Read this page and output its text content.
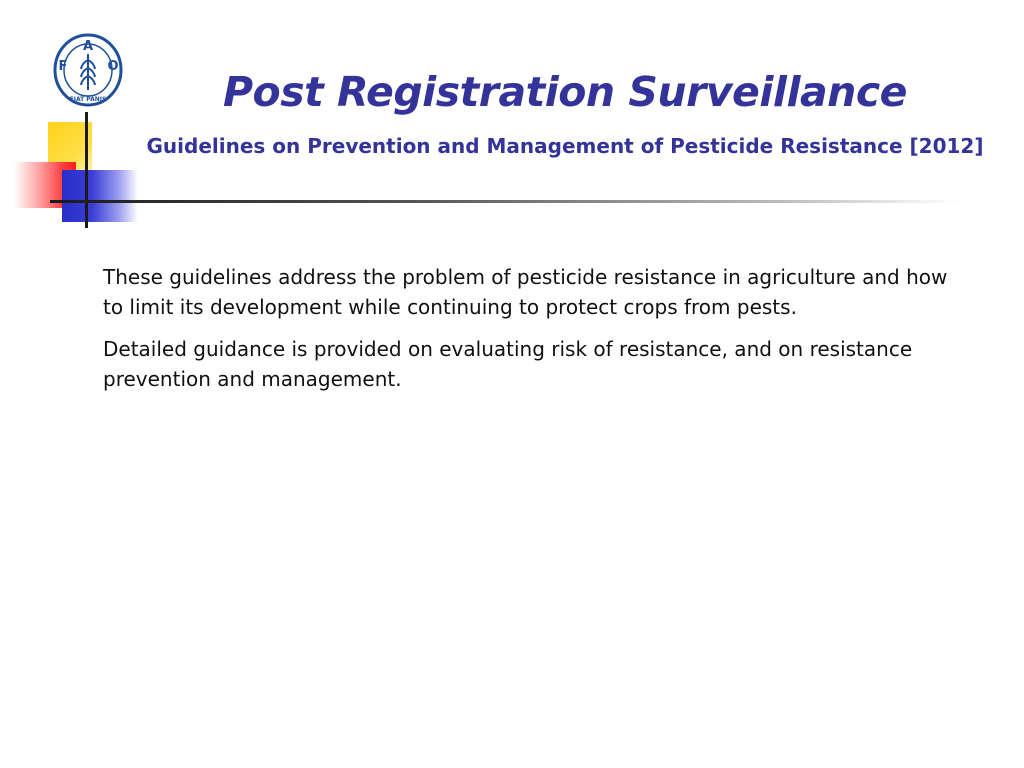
A
F	O
FIAT PANIS	Post Registration Surveillance
Guidelines on Prevention and Management of Pesticide Resistance [2012]

These guidelines address the problem of pesticide resistance in agriculture and how to limit its development while continuing to protect crops from pests.

Detailed guidance is provided on evaluating risk of resistance, and on resistance prevention and management.
